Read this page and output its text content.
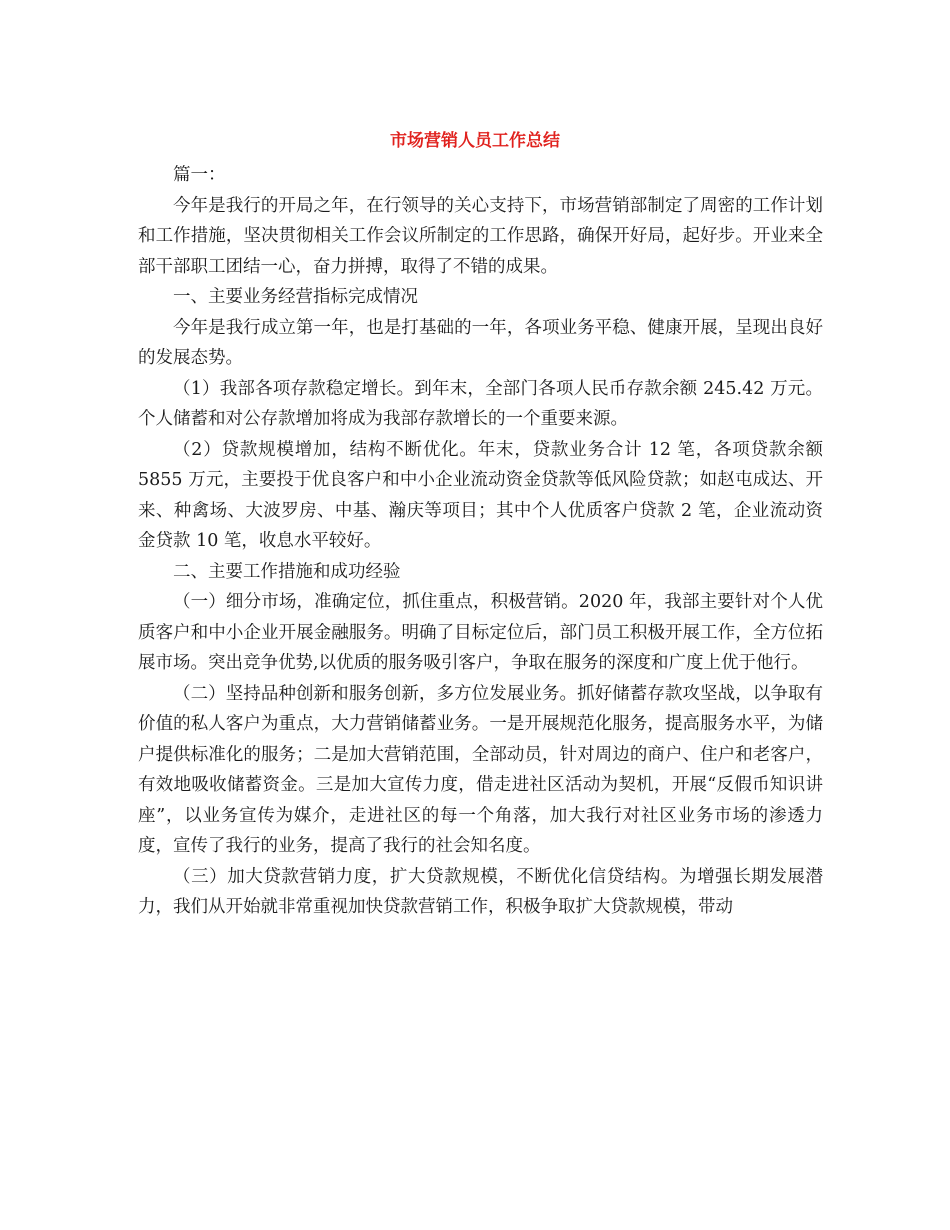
市场营销人员工作总结

篇一：

今年是我行的开局之年，在行领导的关心支持下，市场营销部制定了周密的工作计划和工作措施，坚决贯彻相关工作会议所制定的工作思路，确保开好局，起好步。开业来全部干部职工团结一心，奋力拼搏，取得了不错的成果。

一、主要业务经营指标完成情况

今年是我行成立第一年，也是打基础的一年，各项业务平稳、健康开展，呈现出良好的发展态势。

（1）我部各项存款稳定增长。到年末，全部门各项人民币存款余额 245.42 万元。个人储蓄和对公存款增加将成为我部存款增长的一个重要来源。

（2）贷款规模增加，结构不断优化。年末，贷款业务合计 12 笔，各项贷款余额5855 万元，主要投于优良客户和中小企业流动资金贷款等低风险贷款；如赵屯成达、开来、种禽场、大波罗房、中基、瀚庆等项目；其中个人优质客户贷款 2 笔，企业流动资金贷款 10 笔，收息水平较好。

二、主要工作措施和成功经验

（一）细分市场，准确定位，抓住重点，积极营销。2020 年，我部主要针对个人优质客户和中小企业开展金融服务。明确了目标定位后，部门员工积极开展工作，全方位拓展市场。突出竞争优势,以优质的服务吸引客户，争取在服务的深度和广度上优于他行。

（二）坚持品种创新和服务创新，多方位发展业务。抓好储蓄存款攻坚战，以争取有价值的私人客户为重点，大力营销储蓄业务。一是开展规范化服务，提高服务水平，为储户提供标准化的服务；二是加大营销范围，全部动员，针对周边的商户、住户和老客户，有效地吸收储蓄资金。三是加大宣传力度，借走进社区活动为契机，开展“反假币知识讲座”，以业务宣传为媒介，走进社区的每一个角落，加大我行对社区业务市场的渗透力度，宣传了我行的业务，提高了我行的社会知名度。

（三）加大贷款营销力度，扩大贷款规模，不断优化信贷结构。为增强长期发展潜力，我们从开始就非常重视加快贷款营销工作，积极争取扩大贷款规模，带动
